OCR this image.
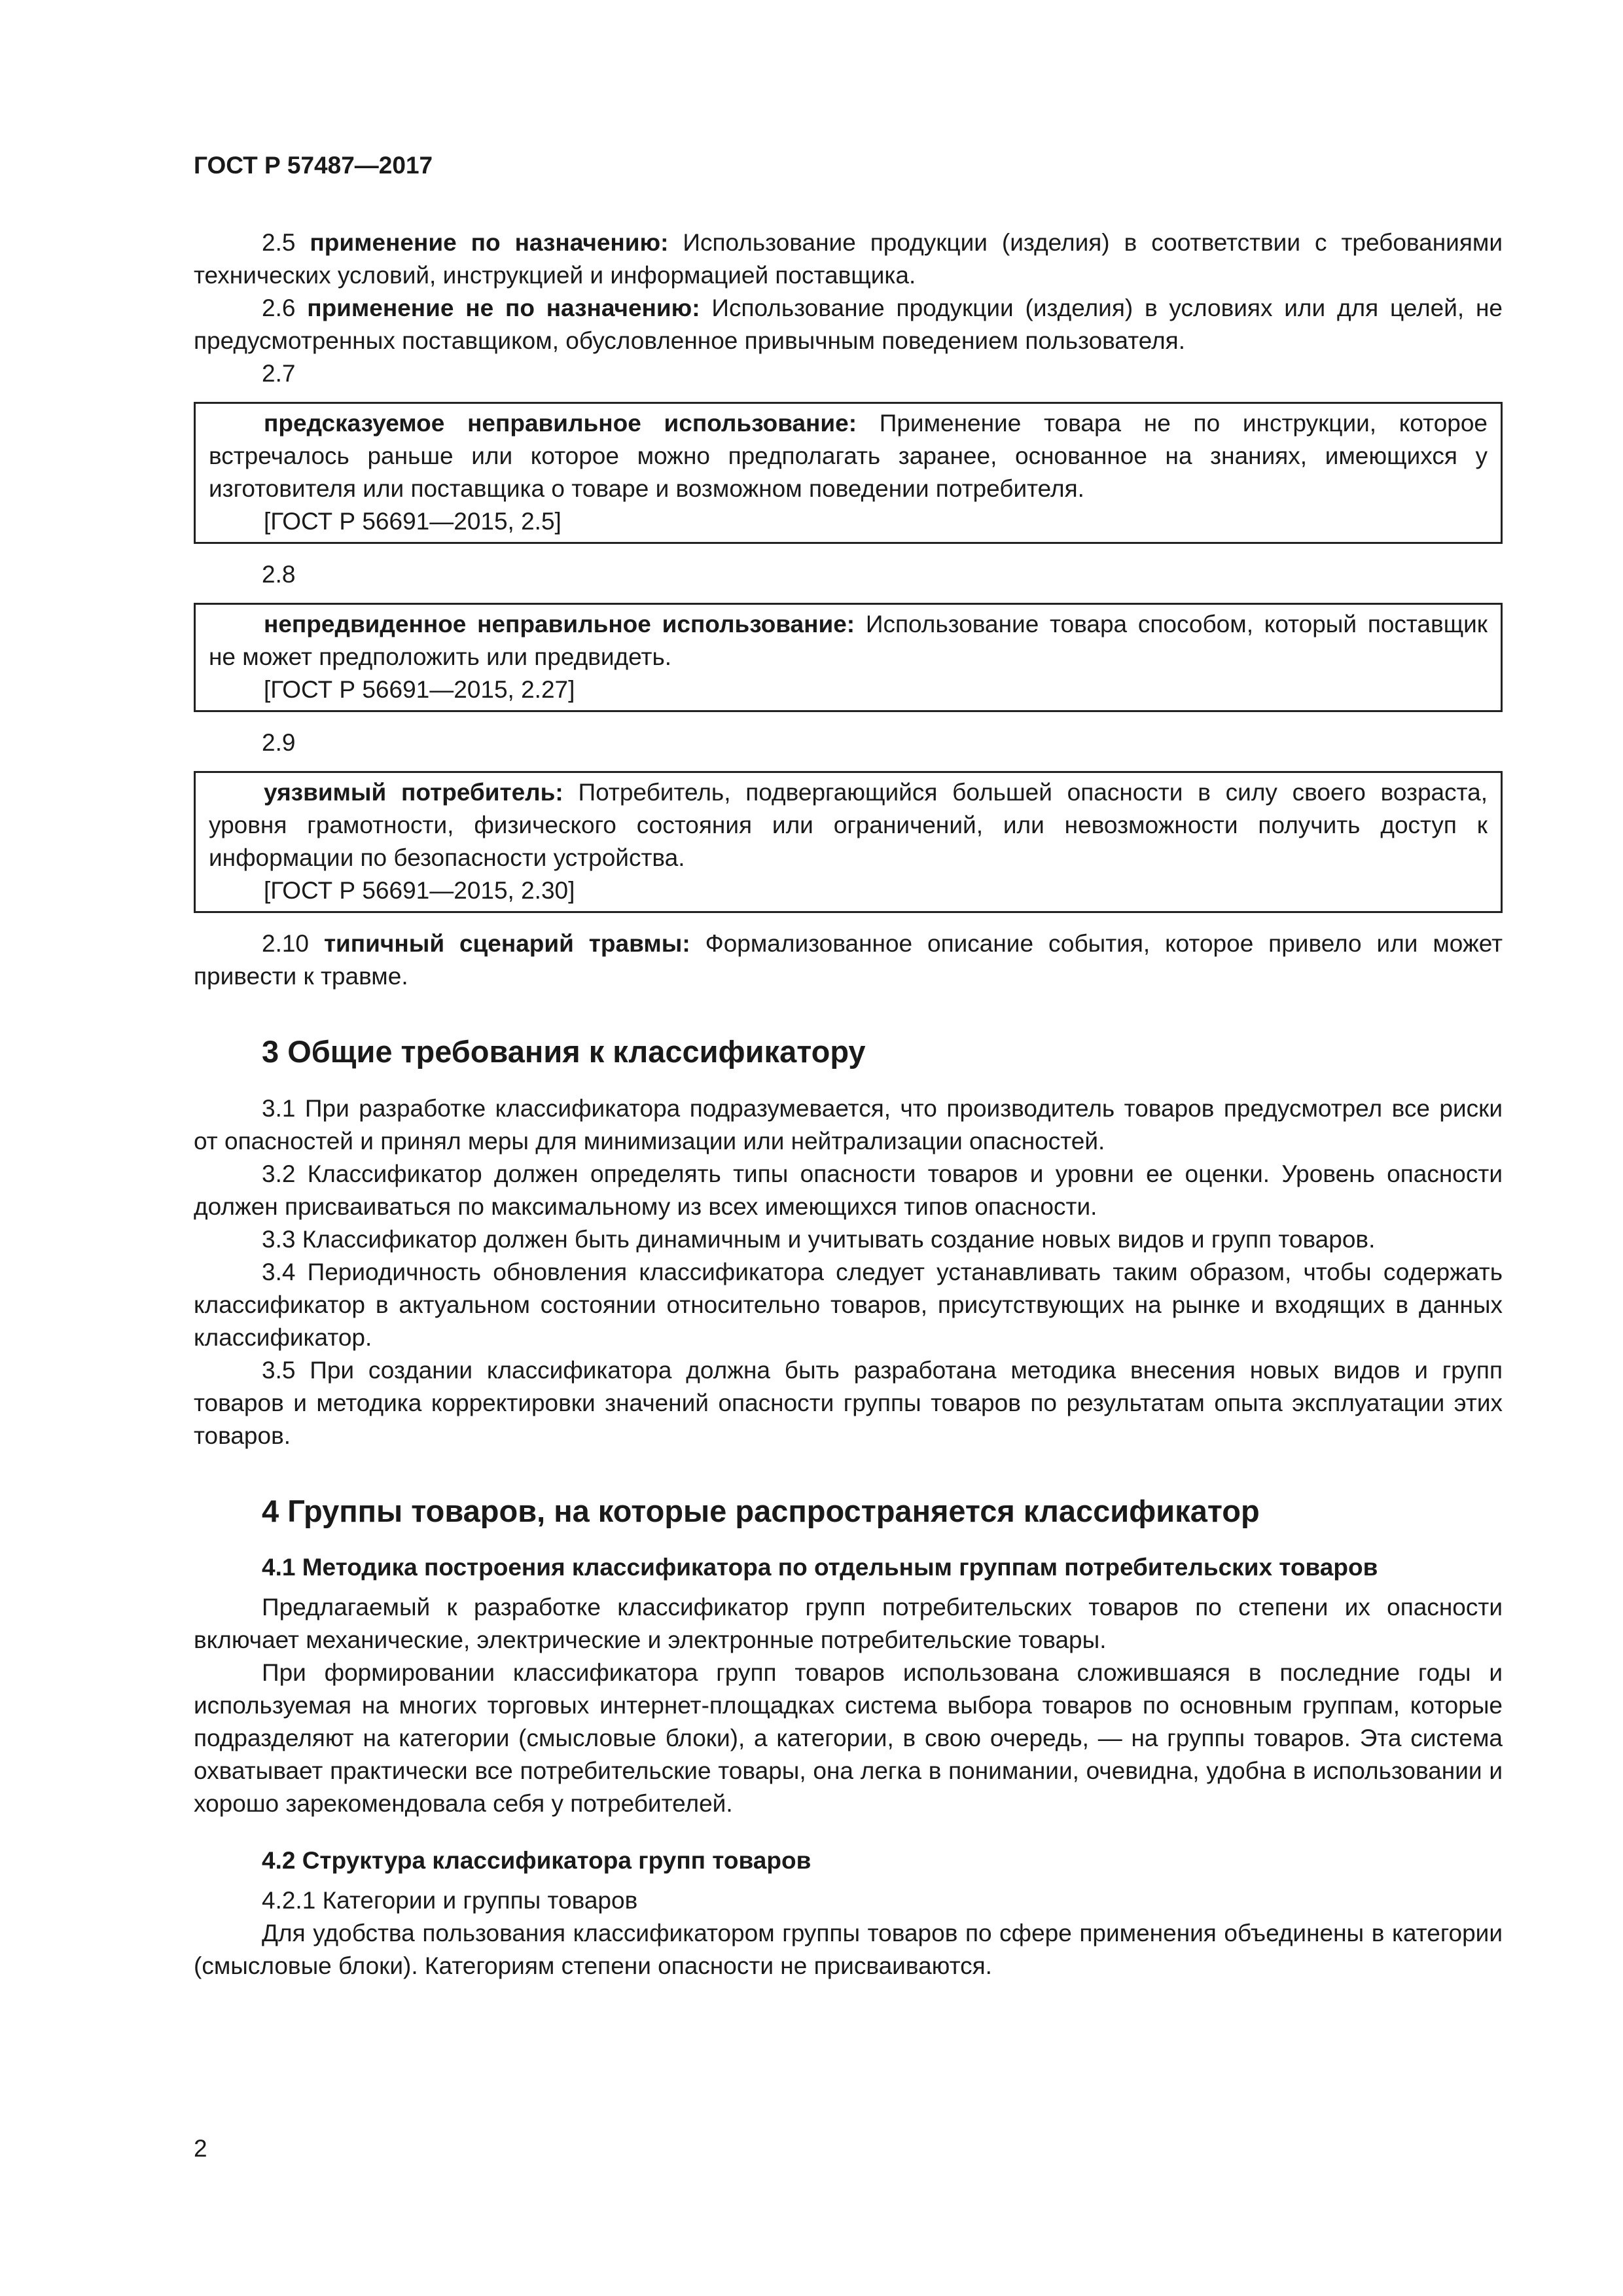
ГОСТ Р 57487—2017

2.5 применение по назначению: Использование продукции (изделия) в соответствии с требованиями технических условий, инструкцией и информацией поставщика.

2.6 применение не по назначению: Использование продукции (изделия) в условиях или для целей, не предусмотренных поставщиком, обусловленное привычным поведением пользователя.

2.7

предсказуемое неправильное использование: Применение товара не по инструкции, которое встречалось раньше или которое можно предполагать заранее, основанное на знаниях, имеющихся у изготовителя или поставщика о товаре и возможном поведении потребителя.

[ГОСТ Р 56691—2015, 2.5]

2.8

непредвиденное неправильное использование: Использование товара способом, который поставщик не может предположить или предвидеть.

[ГОСТ Р 56691—2015, 2.27]

2.9

уязвимый потребитель: Потребитель, подвергающийся большей опасности в силу своего возраста, уровня грамотности, физического состояния или ограничений, или невозможности получить доступ к информации по безопасности устройства.

[ГОСТ Р 56691—2015, 2.30]

2.10 типичный сценарий травмы: Формализованное описание события, которое привело или может привести к травме.

3 Общие требования к классификатору

3.1 При разработке классификатора подразумевается, что производитель товаров предусмотрел все риски от опасностей и принял меры для минимизации или нейтрализации опасностей.

3.2 Классификатор должен определять типы опасности товаров и уровни ее оценки. Уровень опасности должен присваиваться по максимальному из всех имеющихся типов опасности.

3.3 Классификатор должен быть динамичным и учитывать создание новых видов и групп товаров.

3.4 Периодичность обновления классификатора следует устанавливать таким образом, чтобы содержать классификатор в актуальном состоянии относительно товаров, присутствующих на рынке и входящих в данных классификатор.

3.5 При создании классификатора должна быть разработана методика внесения новых видов и групп товаров и методика корректировки значений опасности группы товаров по результатам опыта эксплуатации этих товаров.

4 Группы товаров, на которые распространяется классификатор
4.1 Методика построения классификатора по отдельным группам потребительских товаров

Предлагаемый к разработке классификатор групп потребительских товаров по степени их опасности включает механические, электрические и электронные потребительские товары.

При формировании классификатора групп товаров использована сложившаяся в последние годы и используемая на многих торговых интернет-площадках система выбора товаров по основным группам, которые подразделяют на категории (смысловые блоки), а категории, в свою очередь, — на группы товаров. Эта система охватывает практически все потребительские товары, она легка в понимании, очевидна, удобна в использовании и хорошо зарекомендовала себя у потребителей.

4.2 Структура классификатора групп товаров

4.2.1 Категории и группы товаров

Для удобства пользования классификатором группы товаров по сфере применения объединены в категории (смысловые блоки). Категориям степени опасности не присваиваются.

2
